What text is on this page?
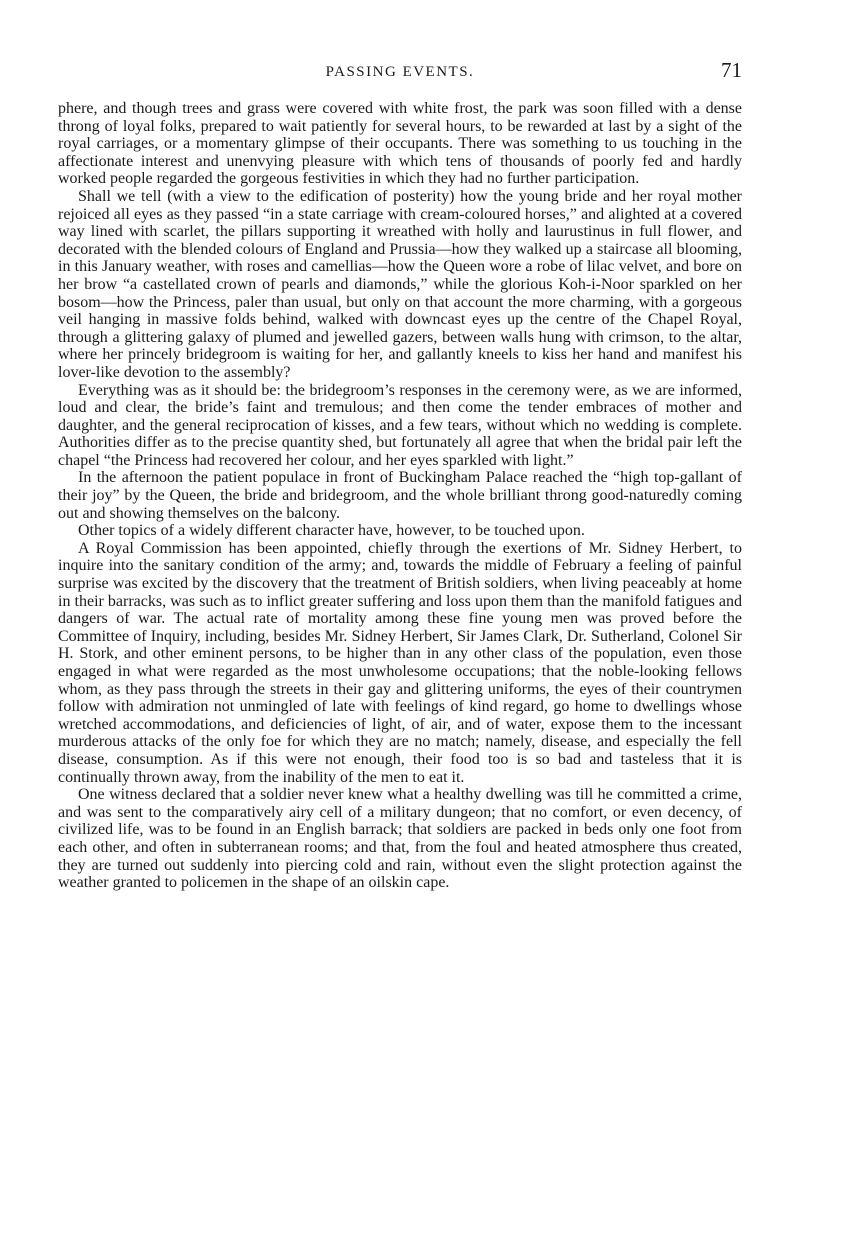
PASSING EVENTS.	71

phere, and though trees and grass were covered with white frost, the park was soon filled with a dense throng of loyal folks, prepared to wait patiently for several hours, to be rewarded at last by a sight of the royal carriages, or a momentary glimpse of their occupants. There was something to us touching in the affectionate interest and unenvying pleasure with which tens of thousands of poorly fed and hardly worked people regarded the gorgeous festivities in which they had no further participation.

Shall we tell (with a view to the edification of posterity) how the young bride and her royal mother rejoiced all eyes as they passed “in a state carriage with cream-coloured horses,” and alighted at a covered way lined with scarlet, the pillars supporting it wreathed with holly and laurustinus in full flower, and decorated with the blended colours of England and Prussia—how they walked up a staircase all blooming, in this January weather, with roses and camellias—how the Queen wore a robe of lilac velvet, and bore on her brow “a castellated crown of pearls and diamonds,” while the glorious Koh-i-Noor sparkled on her bosom—how the Princess, paler than usual, but only on that account the more charming, with a gorgeous veil hanging in massive folds behind, walked with downcast eyes up the centre of the Chapel Royal, through a glittering galaxy of plumed and jewelled gazers, between walls hung with crimson, to the altar, where her princely bridegroom is waiting for her, and gallantly kneels to kiss her hand and manifest his lover-like devotion to the assembly?

Everything was as it should be: the bridegroom’s responses in the ceremony were, as we are informed, loud and clear, the bride’s faint and tremulous; and then come the tender embraces of mother and daughter, and the general reciprocation of kisses, and a few tears, without which no wedding is complete. Authorities differ as to the precise quantity shed, but fortunately all agree that when the bridal pair left the chapel “the Princess had recovered her colour, and her eyes sparkled with light.”

In the afternoon the patient populace in front of Buckingham Palace reached the “high top-gallant of their joy” by the Queen, the bride and bridegroom, and the whole brilliant throng good-naturedly coming out and showing themselves on the balcony.

Other topics of a widely different character have, however, to be touched upon.

A Royal Commission has been appointed, chiefly through the exertions of Mr. Sidney Herbert, to inquire into the sanitary condition of the army; and, towards the middle of February a feeling of painful surprise was excited by the discovery that the treatment of British soldiers, when living peaceably at home in their barracks, was such as to inflict greater suffering and loss upon them than the manifold fatigues and dangers of war. The actual rate of mortality among these fine young men was proved before the Committee of Inquiry, including, besides Mr. Sidney Herbert, Sir James Clark, Dr. Sutherland, Colonel Sir H. Stork, and other eminent persons, to be higher than in any other class of the population, even those engaged in what were regarded as the most unwholesome occupations; that the noble-looking fellows whom, as they pass through the streets in their gay and glittering uniforms, the eyes of their countrymen follow with admiration not unmingled of late with feelings of kind regard, go home to dwellings whose wretched accommodations, and deficiencies of light, of air, and of water, expose them to the incessant murderous attacks of the only foe for which they are no match; namely, disease, and especially the fell disease, consumption. As if this were not enough, their food too is so bad and tasteless that it is continually thrown away, from the inability of the men to eat it.

One witness declared that a soldier never knew what a healthy dwelling was till he committed a crime, and was sent to the comparatively airy cell of a military dungeon; that no comfort, or even decency, of civilized life, was to be found in an English barrack; that soldiers are packed in beds only one foot from each other, and often in subterranean rooms; and that, from the foul and heated atmosphere thus created, they are turned out suddenly into piercing cold and rain, without even the slight protection against the weather granted to policemen in the shape of an oilskin cape.
